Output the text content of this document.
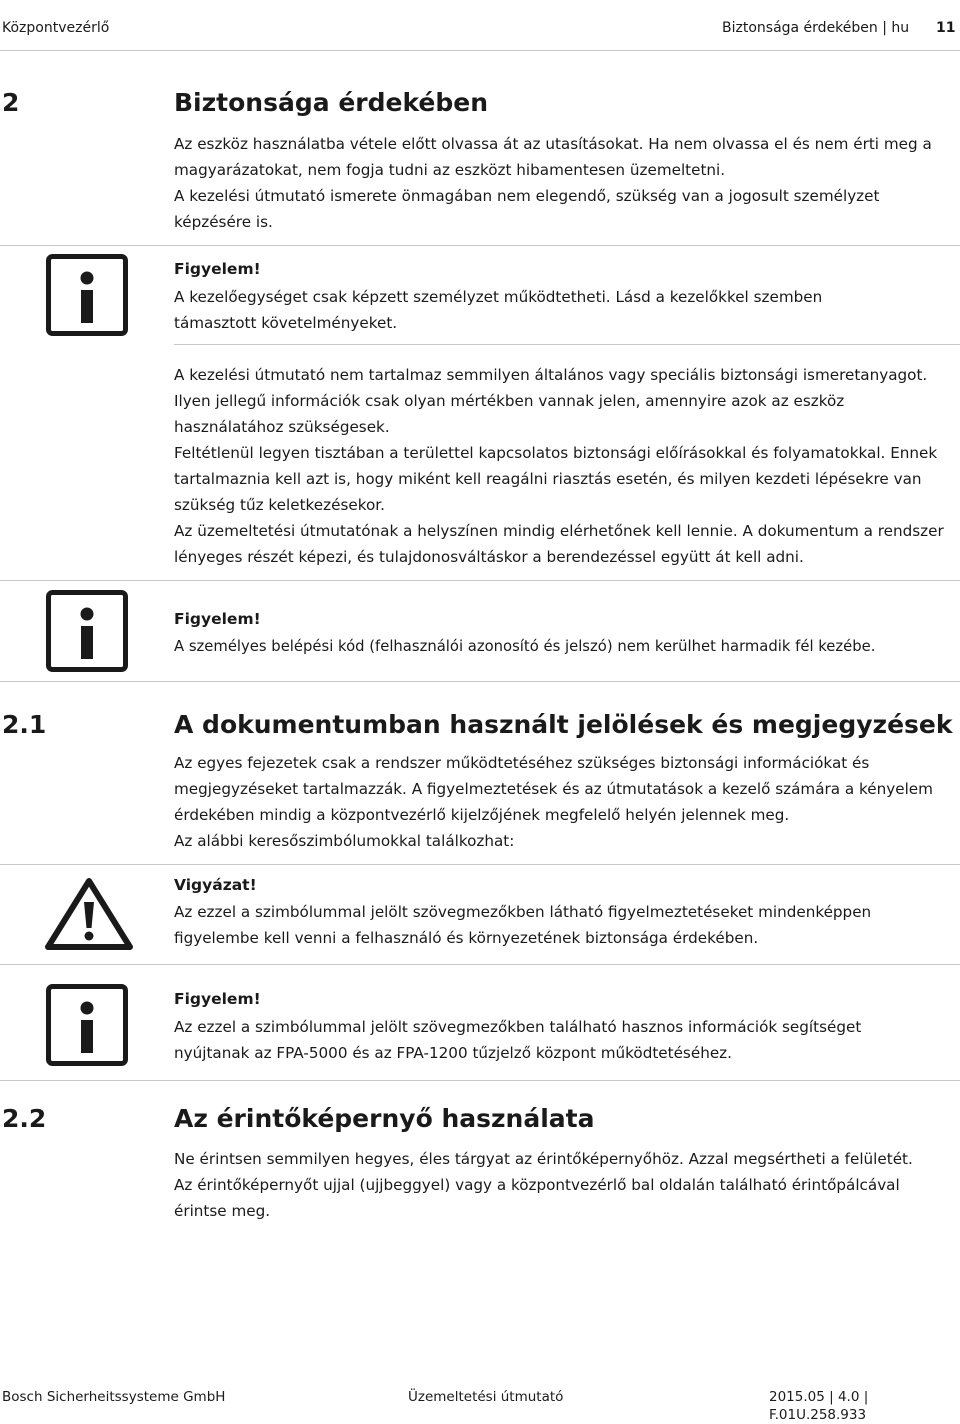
Központvezérlő	Biztonsága érdekében | hu 11
2	Biztonsága érdekében

Az eszköz használatba vétele előtt olvassa át az utasításokat. Ha nem olvassa el és nem érti meg a magyarázatokat, nem fogja tudni az eszközt hibamentesen üzemeltetni.

A kezelési útmutató ismerete önmagában nem elegendő, szükség van a jogosult személyzet képzésére is.

Figyelem!
A kezelőegységet csak képzett személyzet működtetheti. Lásd a kezelőkkel szemben támasztott követelményeket.

A kezelési útmutató nem tartalmaz semmilyen általános vagy speciális biztonsági ismeretanyagot. Ilyen jellegű információk csak olyan mértékben vannak jelen, amennyire azok az eszköz használatához szükségesek.

Feltétlenül legyen tisztában a területtel kapcsolatos biztonsági előírásokkal és folyamatokkal. Ennek tartalmaznia kell azt is, hogy miként kell reagálni riasztás esetén, és milyen kezdeti lépésekre van szükség tűz keletkezésekor.

Az üzemeltetési útmutatónak a helyszínen mindig elérhetőnek kell lennie. A dokumentum a rendszer lényeges részét képezi, és tulajdonosváltáskor a berendezéssel együtt át kell adni.

Figyelem!
A személyes belépési kód (felhasználói azonosító és jelszó) nem kerülhet harmadik fél kezébe.
2.1	A dokumentumban használt jelölések és megjegyzések

Az egyes fejezetek csak a rendszer működtetéséhez szükséges biztonsági információkat és megjegyzéseket tartalmazzák. A figyelmeztetések és az útmutatások a kezelő számára a kényelem érdekében mindig a központvezérlő kijelzőjének megfelelő helyén jelennek meg.

Az alábbi keresőszimbólumokkal találkozhat:

Vigyázat!
Az ezzel a szimbólummal jelölt szövegmezőkben látható figyelmeztetéseket mindenképpen figyelembe kell venni a felhasználó és környezetének biztonsága érdekében.
Figyelem!
Az ezzel a szimbólummal jelölt szövegmezőkben található hasznos információk segítséget nyújtanak az FPA-5000 és az FPA-1200 tűzjelző központ működtetéséhez.
2.2	Az érintőképernyő használata
Ne érintsen semmilyen hegyes, éles tárgyat az érintőképernyőhöz. Azzal megsértheti a felületét. Az érintőképernyőt ujjal (ujjbeggyel) vagy a központvezérlő bal oldalán található érintőpálcával érintse meg.
Bosch Sicherheitssysteme GmbH	Üzemeltetési útmutató	2015.05 | 4.0 | F.01U.258.933
